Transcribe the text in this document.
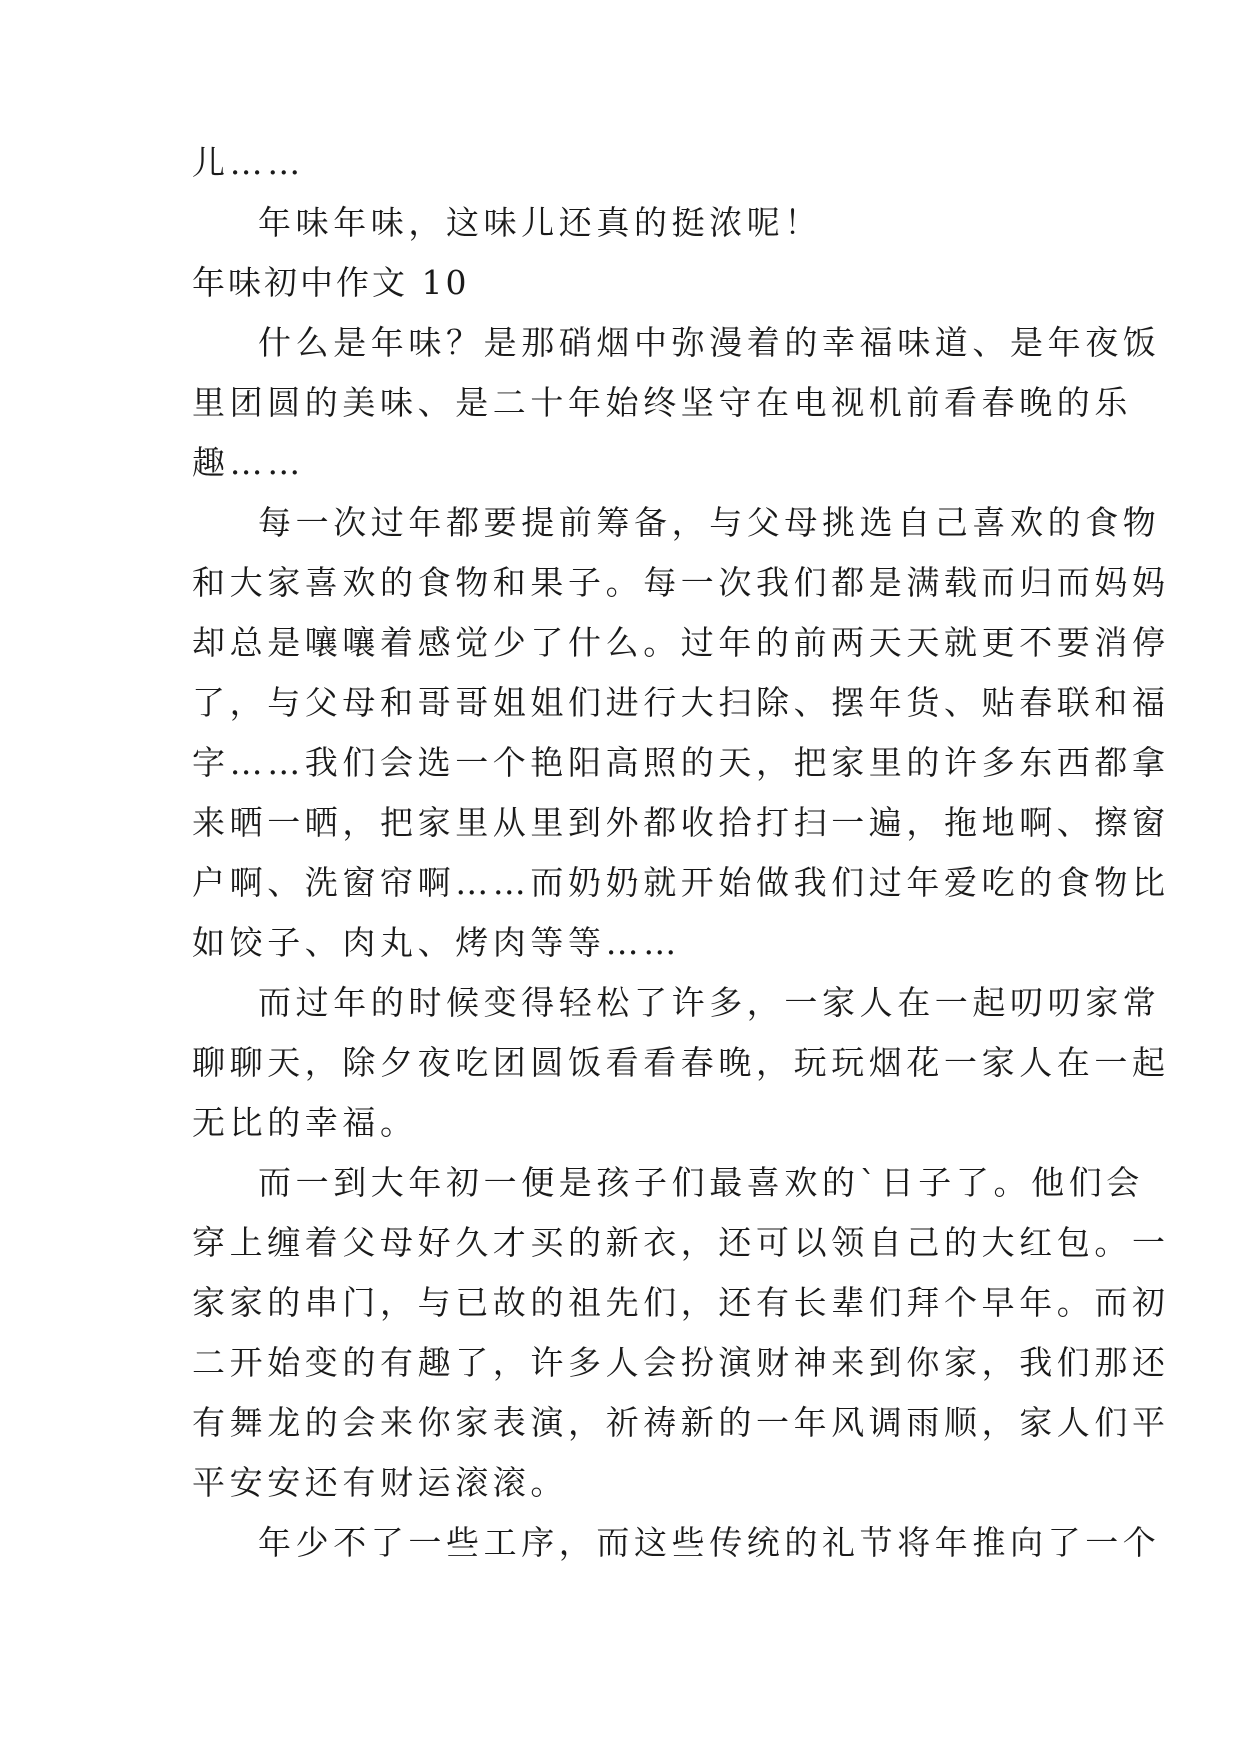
儿……
年味年味，这味儿还真的挺浓呢！
年味初中作文 10
什么是年味？是那硝烟中弥漫着的幸福味道、是年夜饭
里团圆的美味、是二十年始终坚守在电视机前看春晚的乐
趣……
每一次过年都要提前筹备，与父母挑选自己喜欢的食物
和大家喜欢的食物和果子。每一次我们都是满载而归而妈妈
却总是嚷嚷着感觉少了什么。过年的前两天天就更不要消停
了，与父母和哥哥姐姐们进行大扫除、摆年货、贴春联和福
字……我们会选一个艳阳高照的天，把家里的许多东西都拿
来晒一晒，把家里从里到外都收拾打扫一遍，拖地啊、擦窗
户啊、洗窗帘啊……而奶奶就开始做我们过年爱吃的食物比
如饺子、肉丸、烤肉等等……
而过年的时候变得轻松了许多，一家人在一起叨叨家常
聊聊天，除夕夜吃团圆饭看看春晚，玩玩烟花一家人在一起
无比的幸福。
而一到大年初一便是孩子们最喜欢的`日子了。他们会
穿上缠着父母好久才买的新衣，还可以领自己的大红包。一
家家的串门，与已故的祖先们，还有长辈们拜个早年。而初
二开始变的有趣了，许多人会扮演财神来到你家，我们那还
有舞龙的会来你家表演，祈祷新的一年风调雨顺，家人们平
平安安还有财运滚滚。
年少不了一些工序，而这些传统的礼节将年推向了一个
